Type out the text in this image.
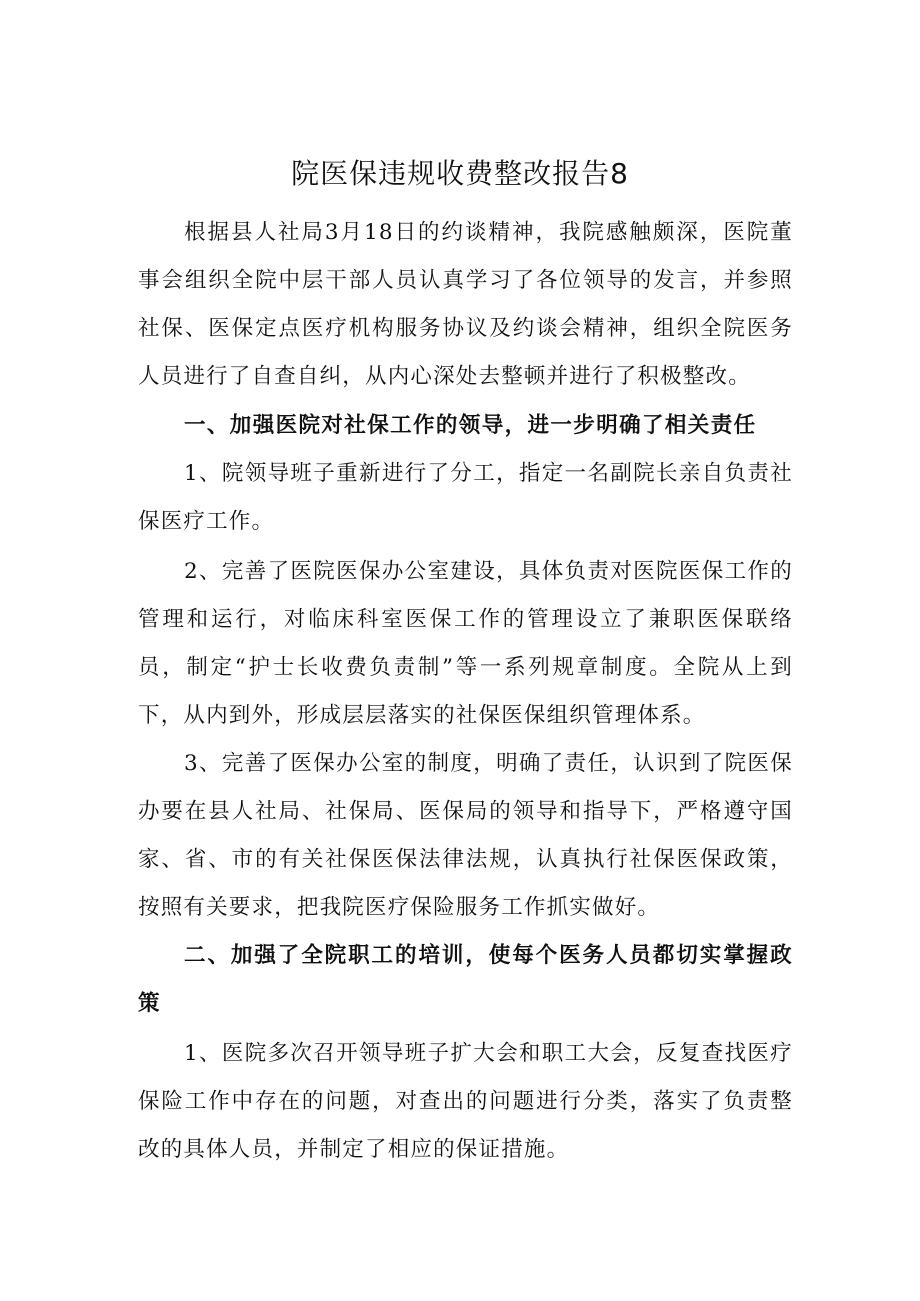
院医保违规收费整改报告8

根据县人社局3月18日的约谈精神，我院感触颇深，医院董事会组织全院中层干部人员认真学习了各位领导的发言，并参照社保、医保定点医疗机构服务协议及约谈会精神，组织全院医务人员进行了自查自纠，从内心深处去整顿并进行了积极整改。

一、加强医院对社保工作的领导，进一步明确了相关责任

1、院领导班子重新进行了分工，指定一名副院长亲自负责社保医疗工作。

2、完善了医院医保办公室建设，具体负责对医院医保工作的管理和运行，对临床科室医保工作的管理设立了兼职医保联络员，制定“护士长收费负责制”等一系列规章制度。全院从上到下，从内到外，形成层层落实的社保医保组织管理体系。

3、完善了医保办公室的制度，明确了责任，认识到了院医保办要在县人社局、社保局、医保局的领导和指导下，严格遵守国家、省、市的有关社保医保法律法规，认真执行社保医保政策，按照有关要求，把我院医疗保险服务工作抓实做好。

二、加强了全院职工的培训，使每个医务人员都切实掌握政策

1、医院多次召开领导班子扩大会和职工大会，反复查找医疗保险工作中存在的问题，对查出的问题进行分类，落实了负责整改的具体人员，并制定了相应的保证措施。
